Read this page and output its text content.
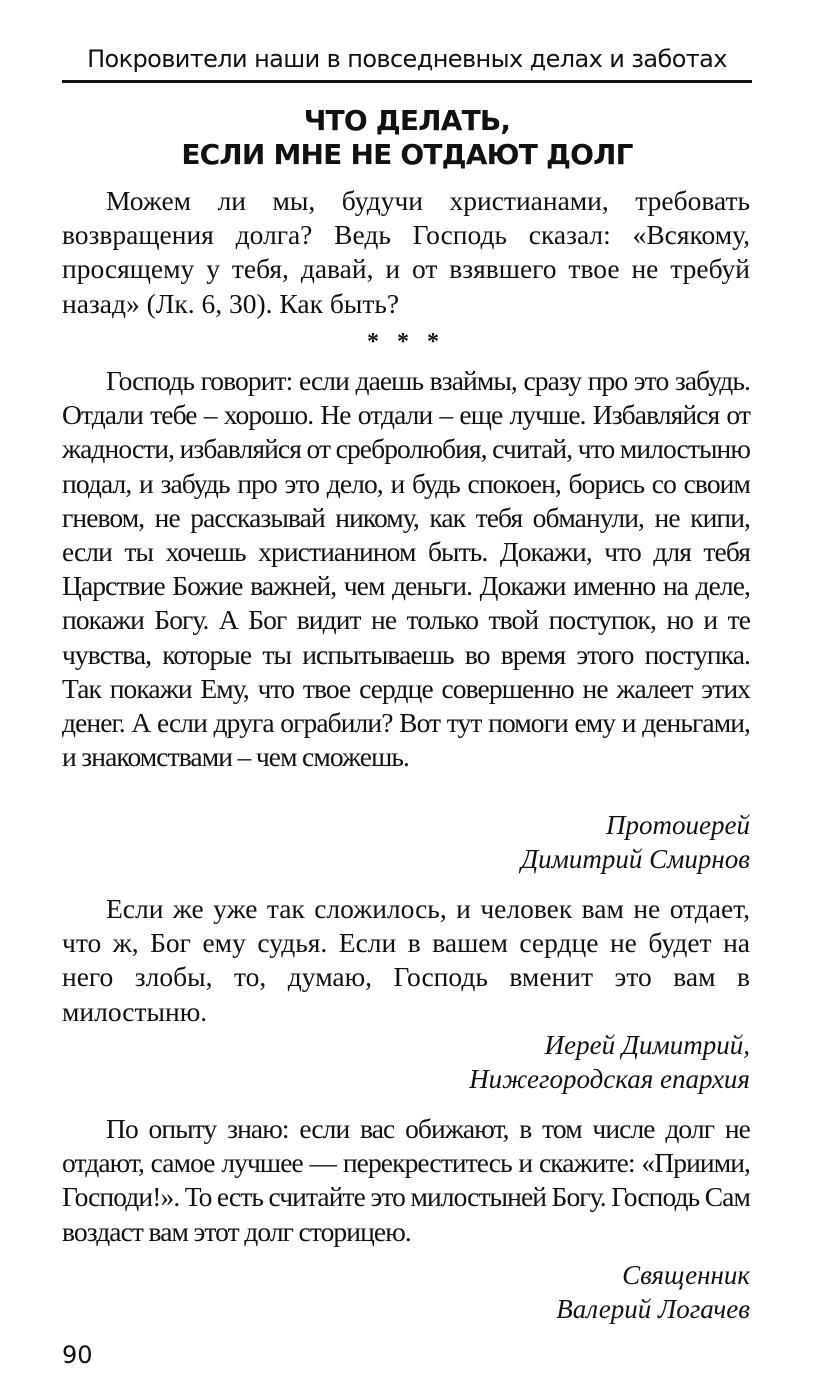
Покровители наши в повседневных делах и заботах
ЧТО ДЕЛАТЬ,
ЕСЛИ МНЕ НЕ ОТДАЮТ ДОЛГ

Можем ли мы, будучи христианами, требовать возвращения долга? Ведь Господь сказал: «Всякому, просящему у тебя, давай, и от взявшего твое не требуй назад» (Лк. 6, 30). Как быть?

* * *

Господь говорит: если даешь взаймы, сразу про это забудь. Отдали тебе – хорошо. Не отдали – еще лучше. Избавляйся от жадности, избавляйся от сребролюбия, считай, что милостыню подал, и забудь про это дело, и будь спокоен, борись со своим гневом, не рассказывай никому, как тебя обманули, не кипи, если ты хочешь христианином быть. Докажи, что для тебя Царствие Божие важней, чем деньги. Докажи именно на деле, покажи Богу. А Бог видит не только твой поступок, но и те чувства, которые ты испытываешь во время этого поступка. Так покажи Ему, что твое сердце совершенно не жалеет этих денег. А если друга ограбили? Вот тут помоги ему и деньгами, и знакомствами – чем сможешь.

Протоиерей
Димитрий Смирнов

Если же уже так сложилось, и человек вам не отдает, что ж, Бог ему судья. Если в вашем сердце не будет на него злобы, то, думаю, Господь вменит это вам в милостыню.

Иерей Димитрий,
Нижегородская епархия

По опыту знаю: если вас обижают, в том числе долг не отдают, самое лучшее — перекреститесь и скажите: «Приими, Господи!». То есть считайте это милостыней Богу. Господь Сам воздаст вам этот долг сторицею.

Священник
Валерий Логачев
90
